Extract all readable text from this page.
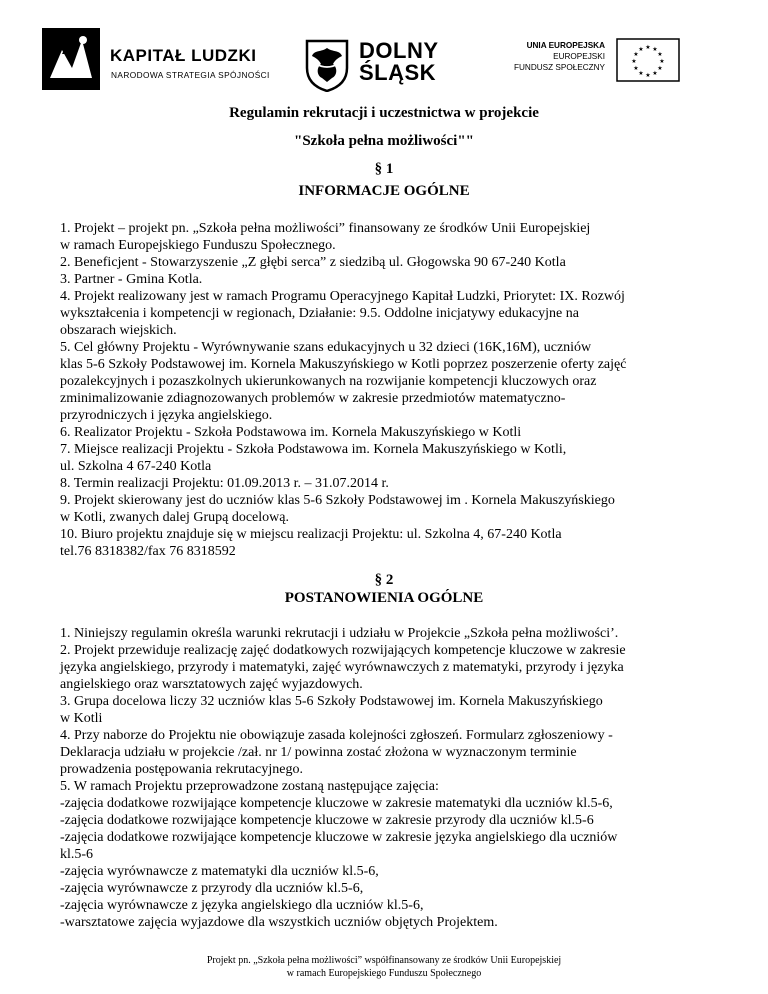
KAPITAŁ LUDZKI
NARODOWA STRATEGIA SPÓJNOŚCI
DOLNY
ŚLĄSK
UNIA EUROPEJSKA
EUROPEJSKI
FUNDUSZ SPOŁECZNY
★ ★
★
★
★
★
★
★
★
★
★
★
Regulamin rekrutacji i uczestnictwa w projekcie
"Szkoła pełna możliwości""
§ 1
INFORMACJE OGÓLNE
1. Projekt – projekt pn. „Szkoła pełna możliwości” finansowany ze środków Unii Europejskiej
w ramach Europejskiego Funduszu Społecznego.
2. Beneficjent - Stowarzyszenie „Z głębi serca” z siedzibą ul. Głogowska 90 67-240 Kotla
3. Partner - Gmina Kotla.
4. Projekt realizowany jest w ramach Programu Operacyjnego Kapitał Ludzki, Priorytet: IX. Rozwój
wykształcenia i kompetencji w regionach, Działanie: 9.5. Oddolne inicjatywy edukacyjne na
obszarach wiejskich.
5. Cel główny Projektu - Wyrównywanie szans edukacyjnych u 32 dzieci (16K,16M), uczniów
klas 5-6 Szkoły Podstawowej im. Kornela Makuszyńskiego w Kotli poprzez poszerzenie oferty zajęć
pozalekcyjnych i pozaszkolnych ukierunkowanych na rozwijanie kompetencji kluczowych oraz
zminimalizowanie zdiagnozowanych problemów w zakresie przedmiotów matematyczno-
przyrodniczych i języka angielskiego.
6. Realizator Projektu - Szkoła Podstawowa im. Kornela Makuszyńskiego w Kotli
7. Miejsce realizacji Projektu - Szkoła Podstawowa im. Kornela Makuszyńskiego w Kotli,
ul. Szkolna 4 67-240 Kotla
8. Termin realizacji Projektu: 01.09.2013 r. – 31.07.2014 r.
9. Projekt skierowany jest do uczniów klas 5-6 Szkoły Podstawowej im . Kornela Makuszyńskiego
w Kotli, zwanych dalej Grupą docelową.
10. Biuro projektu znajduje się w miejscu realizacji Projektu: ul. Szkolna 4, 67-240 Kotla
tel.76 8318382/fax 76 8318592
§ 2
POSTANOWIENIA OGÓLNE
1. Niniejszy regulamin określa warunki rekrutacji i udziału w Projekcie „Szkoła pełna możliwości’.
2. Projekt przewiduje realizację zajęć dodatkowych rozwijających kompetencje kluczowe w zakresie
języka angielskiego, przyrody i matematyki, zajęć wyrównawczych z matematyki, przyrody i języka
angielskiego oraz warsztatowych zajęć wyjazdowych.
3. Grupa docelowa liczy 32 uczniów klas 5-6 Szkoły Podstawowej im. Kornela Makuszyńskiego
w Kotli
4. Przy naborze do Projektu nie obowiązuje zasada kolejności zgłoszeń. Formularz zgłoszeniowy -
Deklaracja udziału w projekcie /zał. nr 1/ powinna zostać złożona w wyznaczonym terminie
prowadzenia postępowania rekrutacyjnego.
5. W ramach Projektu przeprowadzone zostaną następujące zajęcia:
-zajęcia dodatkowe rozwijające kompetencje kluczowe w zakresie matematyki dla uczniów kl.5-6,
-zajęcia dodatkowe rozwijające kompetencje kluczowe w zakresie przyrody dla uczniów kl.5-6
-zajęcia dodatkowe rozwijające kompetencje kluczowe w zakresie języka angielskiego dla uczniów
kl.5-6
-zajęcia wyrównawcze z matematyki dla uczniów kl.5-6,
-zajęcia wyrównawcze z przyrody dla uczniów kl.5-6,
-zajęcia wyrównawcze z języka angielskiego dla uczniów kl.5-6,
-warsztatowe zajęcia wyjazdowe dla wszystkich uczniów objętych Projektem.
Projekt pn. „Szkoła pełna możliwości” współfinansowany ze środków Unii Europejskiej
w ramach Europejskiego Funduszu Społecznego
